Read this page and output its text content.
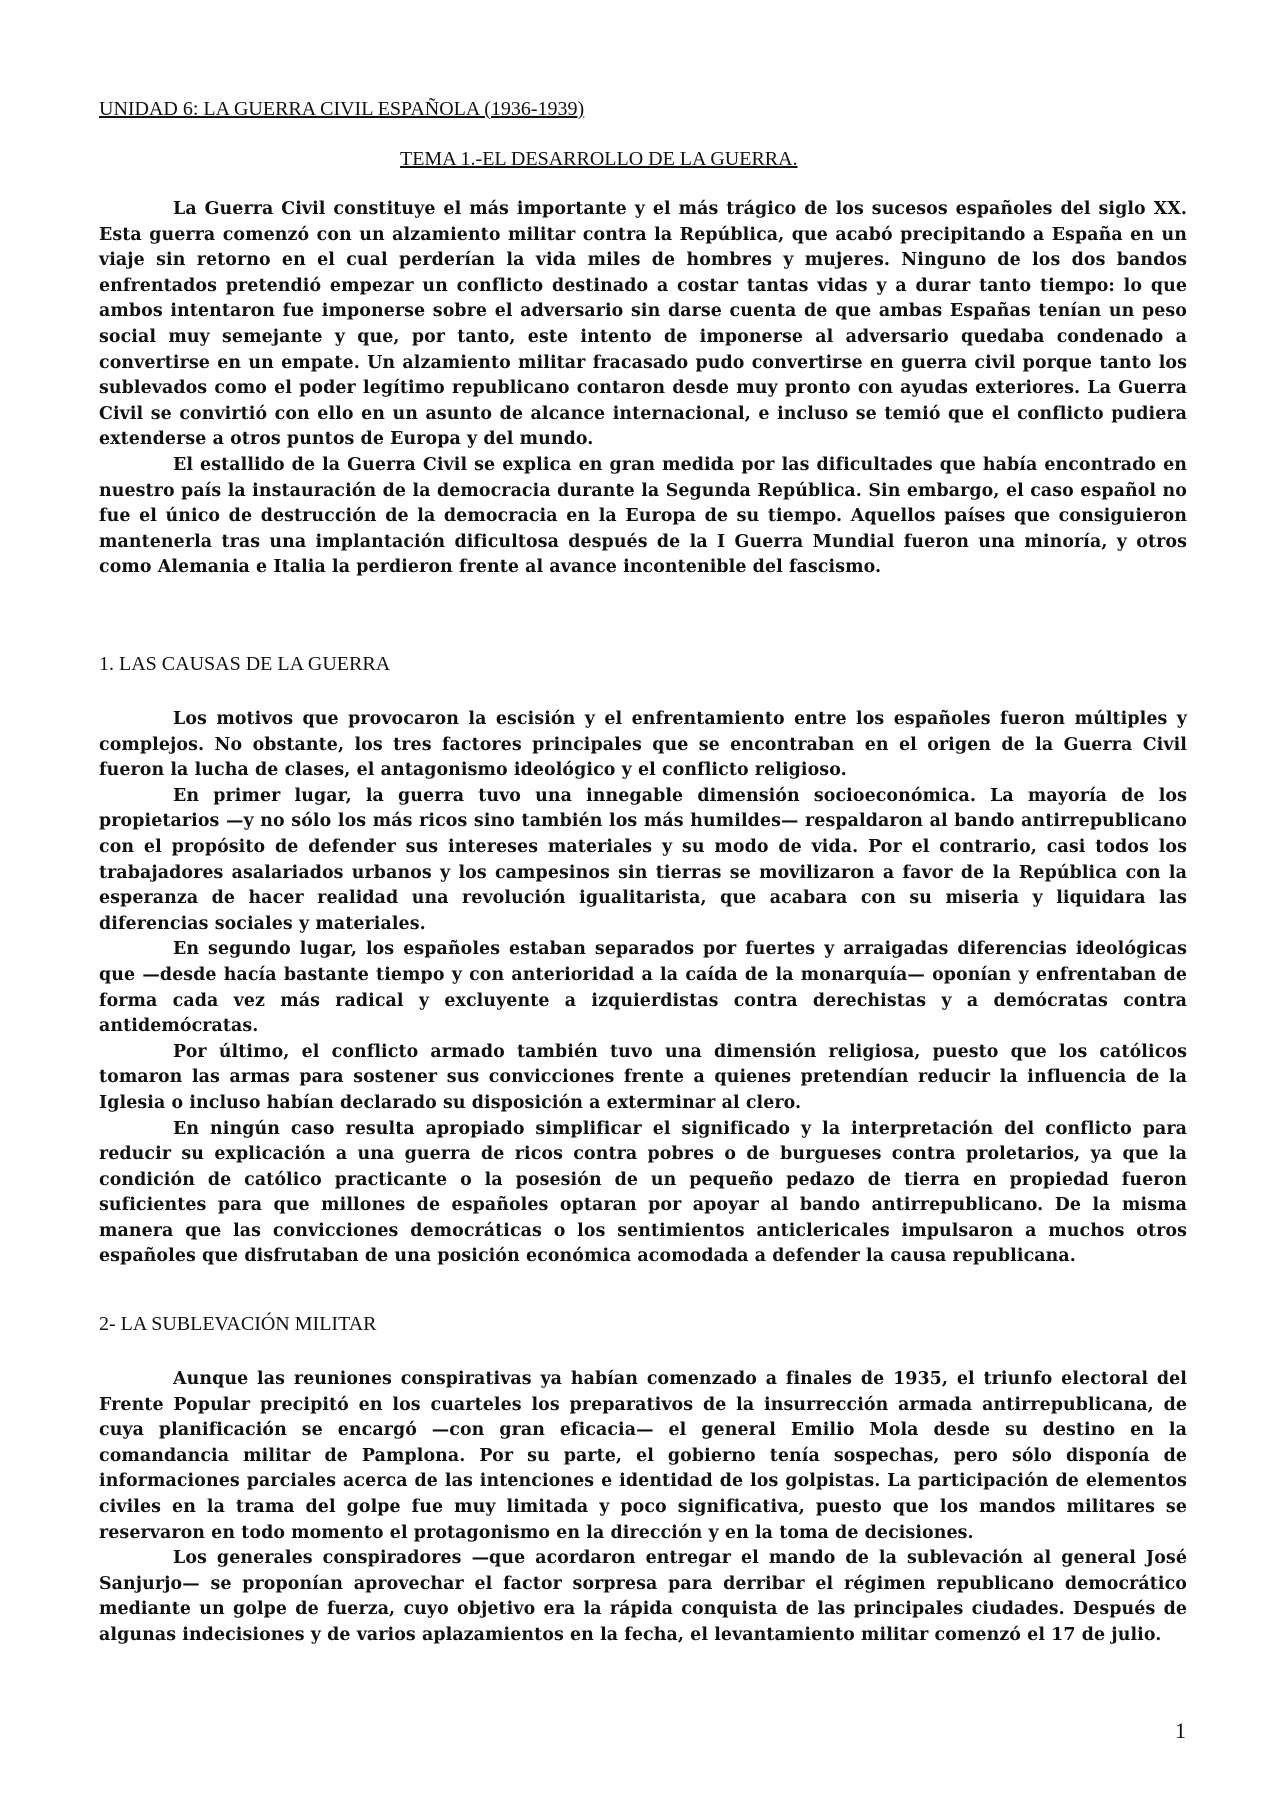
UNIDAD 6: LA GUERRA CIVIL ESPAÑOLA (1936-1939)
TEMA 1.-EL DESARROLLO DE LA GUERRA.

La Guerra Civil constituye el más importante y el más trágico de los sucesos españoles del siglo XX. Esta guerra comenzó con un alzamiento militar contra la República, que acabó precipitando a España en un viaje sin retorno en el cual perderían la vida miles de hombres y mujeres. Ninguno de los dos bandos enfrentados pretendió empezar un conflicto destinado a costar tantas vidas y a durar tanto tiempo: lo que ambos intentaron fue imponerse sobre el adversario sin darse cuenta de que ambas Españas tenían un peso social muy semejante y que, por tanto, este intento de imponerse al adversario quedaba condenado a convertirse en un empate. Un alzamiento militar fracasado pudo convertirse en guerra civil porque tanto los sublevados como el poder legítimo republicano contaron desde muy pronto con ayudas exteriores. La Guerra Civil se convirtió con ello en un asunto de alcance internacional, e incluso se temió que el conflicto pudiera extenderse a otros puntos de Europa y del mundo.

El estallido de la Guerra Civil se explica en gran medida por las dificultades que había encontrado en nuestro país la instauración de la democracia durante la Segunda República. Sin embargo, el caso español no fue el único de destrucción de la democracia en la Europa de su tiempo. Aquellos países que consiguieron mantenerla tras una implantación dificultosa después de la I Guerra Mundial fueron una minoría, y otros como Alemania e Italia la perdieron frente al avance incontenible del fascismo.

1. LAS CAUSAS DE LA GUERRA

Los motivos que provocaron la escisión y el enfrentamiento entre los españoles fueron múltiples y complejos. No obstante, los tres factores principales que se encontraban en el origen de la Guerra Civil fueron la lucha de clases, el antagonismo ideológico y el conflicto religioso.

En primer lugar, la guerra tuvo una innegable dimensión socioeconómica. La mayoría de los propietarios —y no sólo los más ricos sino también los más humildes— respaldaron al bando antirrepublicano con el propósito de defender sus intereses materiales y su modo de vida. Por el contrario, casi todos los trabajadores asalariados urbanos y los campesinos sin tierras se movilizaron a favor de la República con la esperanza de hacer realidad una revolución igualitarista, que acabara con su miseria y liquidara las diferencias sociales y materiales.

En segundo lugar, los españoles estaban separados por fuertes y arraigadas diferencias ideológicas que —desde hacía bastante tiempo y con anterioridad a la caída de la monarquía— oponían y enfrentaban de forma cada vez más radical y excluyente a izquierdistas contra derechistas y a demócratas contra antidemócratas.

Por último, el conflicto armado también tuvo una dimensión religiosa, puesto que los católicos tomaron las armas para sostener sus convicciones frente a quienes pretendían reducir la influencia de la Iglesia o incluso habían declarado su disposición a exterminar al clero.

En ningún caso resulta apropiado simplificar el significado y la interpretación del conflicto para reducir su explicación a una guerra de ricos contra pobres o de burgueses contra proletarios, ya que la condición de católico practicante o la posesión de un pequeño pedazo de tierra en propiedad fueron suficientes para que millones de españoles optaran por apoyar al bando antirrepublicano. De la misma manera que las convicciones democráticas o los sentimientos anticlericales impulsaron a muchos otros españoles que disfrutaban de una posición económica acomodada a defender la causa republicana.

2- LA SUBLEVACIÓN MILITAR

Aunque las reuniones conspirativas ya habían comenzado a finales de 1935, el triunfo electoral del Frente Popular precipitó en los cuarteles los preparativos de la insurrección armada antirrepublicana, de cuya planificación se encargó —con gran eficacia— el general Emilio Mola desde su destino en la comandancia militar de Pamplona. Por su parte, el gobierno tenía sospechas, pero sólo disponía de informaciones parciales acerca de las intenciones e identidad de los golpistas. La participación de elementos civiles en la trama del golpe fue muy limitada y poco significativa, puesto que los mandos militares se reservaron en todo momento el protagonismo en la dirección y en la toma de decisiones.

Los generales conspiradores —que acordaron entregar el mando de la sublevación al general José Sanjurjo— se proponían aprovechar el factor sorpresa para derribar el régimen republicano democrático mediante un golpe de fuerza, cuyo objetivo era la rápida conquista de las principales ciudades. Después de algunas indecisiones y de varios aplazamientos en la fecha, el levantamiento militar comenzó el 17 de julio.

1
